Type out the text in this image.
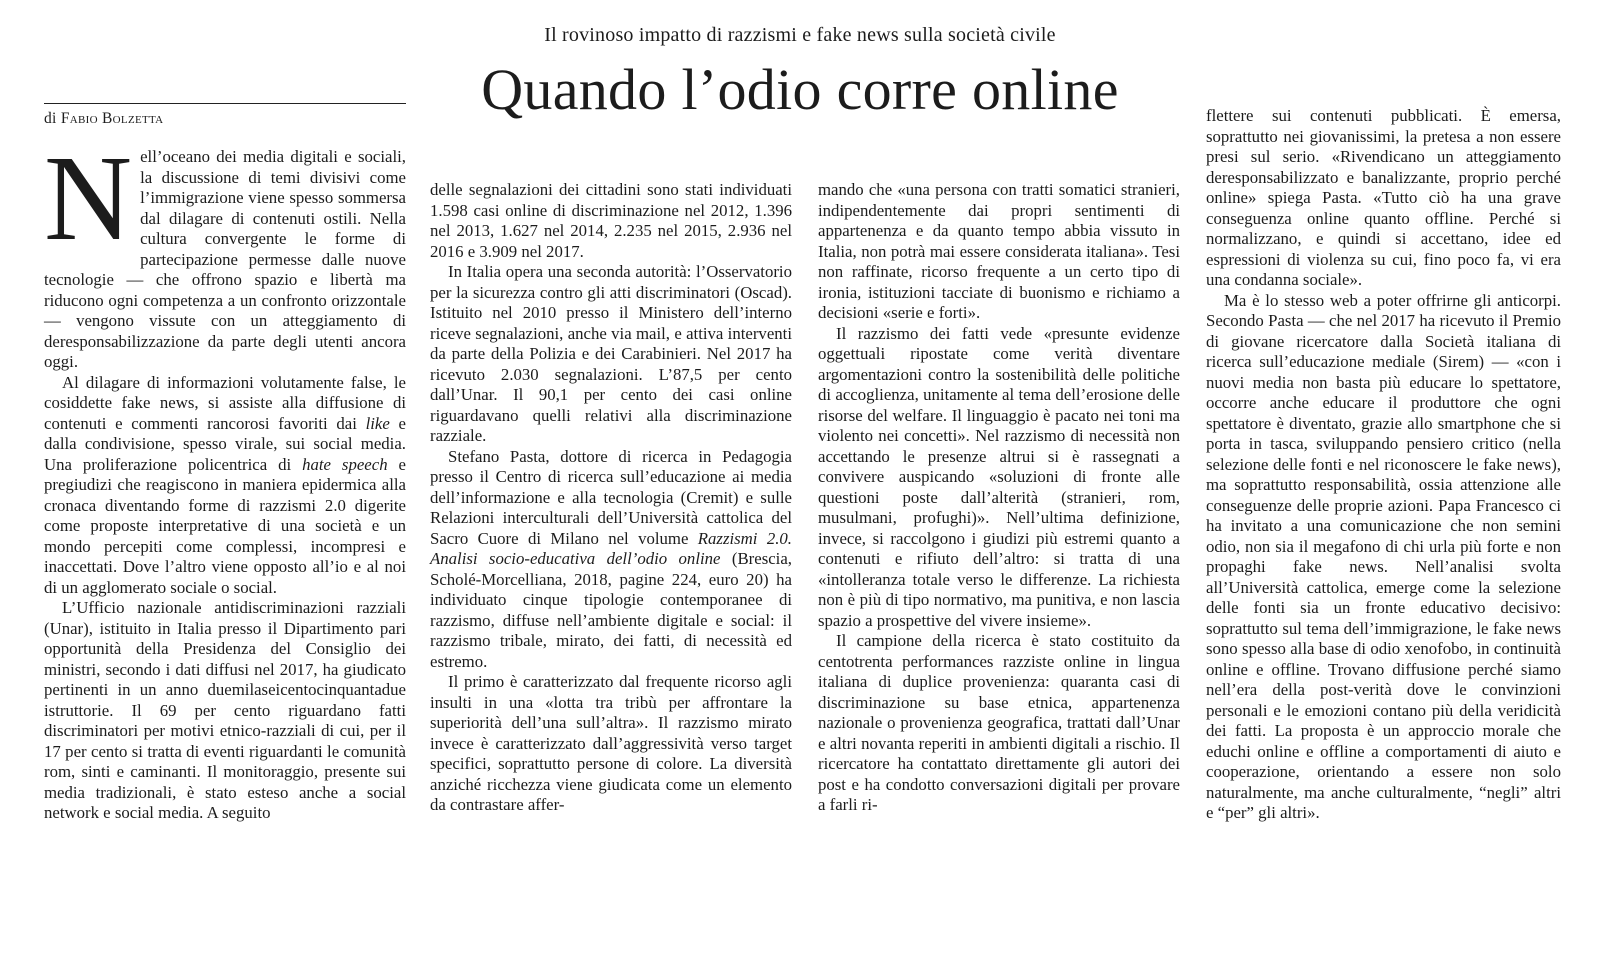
Il rovinoso impatto di razzismi e fake news sulla società civile
Quando l’odio corre online
di Fabio Bolzetta

Nell’oceano dei media digitali e sociali, la discussione di temi divisivi come l’immigrazione viene spesso sommersa dal dilagare di contenuti ostili. Nella cultura convergente le forme di partecipazione permesse dalle nuove tecnologie — che offrono spazio e libertà ma riducono ogni competenza a un confronto orizzontale — vengono vissute con un atteggiamento di deresponsabilizzazione da parte degli utenti ancora oggi.

Al dilagare di informazioni volutamente false, le cosiddette fake news, si assiste alla diffusione di contenuti e commenti rancorosi favoriti dai like e dalla condivisione, spesso virale, sui social media. Una proliferazione policentrica di hate speech e pregiudizi che reagiscono in maniera epidermica alla cronaca diventando forme di razzismi 2.0 digerite come proposte interpretative di una società e un mondo percepiti come complessi, incompresi e inaccettati. Dove l’altro viene opposto all’io e al noi di un agglomerato sociale o social.

L’Ufficio nazionale antidiscriminazioni razziali (Unar), istituito in Italia presso il Dipartimento pari opportunità della Presidenza del Consiglio dei ministri, secondo i dati diffusi nel 2017, ha giudicato pertinenti in un anno duemilaseicentocinquantadue istruttorie. Il 69 per cento riguardano fatti discriminatori per motivi etnico-razziali di cui, per il 17 per cento si tratta di eventi riguardanti le comunità rom, sinti e caminanti. Il monitoraggio, presente sui media tradizionali, è stato esteso anche a social network e social media. A seguito

delle segnalazioni dei cittadini sono stati individuati 1.598 casi online di discriminazione nel 2012, 1.396 nel 2013, 1.627 nel 2014, 2.235 nel 2015, 2.936 nel 2016 e 3.909 nel 2017.

In Italia opera una seconda autorità: l’Osservatorio per la sicurezza contro gli atti discriminatori (Oscad). Istituito nel 2010 presso il Ministero dell’interno riceve segnalazioni, anche via mail, e attiva interventi da parte della Polizia e dei Carabinieri. Nel 2017 ha ricevuto 2.030 segnalazioni. L’87,5 per cento dall’Unar. Il 90,1 per cento dei casi online riguardavano quelli relativi alla discriminazione razziale.

Stefano Pasta, dottore di ricerca in Pedagogia presso il Centro di ricerca sull’educazione ai media dell’informazione e alla tecnologia (Cremit) e sulle Relazioni interculturali dell’Università cattolica del Sacro Cuore di Milano nel volume Razzismi 2.0. Analisi socio-educativa dell’odio online (Brescia, Scholé-Morcelliana, 2018, pagine 224, euro 20) ha individuato cinque tipologie contemporanee di razzismo, diffuse nell’ambiente digitale e social: il razzismo tribale, mirato, dei fatti, di necessità ed estremo.

Il primo è caratterizzato dal frequente ricorso agli insulti in una «lotta tra tribù per affrontare la superiorità dell’una sull’altra». Il razzismo mirato invece è caratterizzato dall’aggressività verso target specifici, soprattutto persone di colore. La diversità anziché ricchezza viene giudicata come un elemento da contrastare affer-

mando che «una persona con tratti somatici stranieri, indipendentemente dai propri sentimenti di appartenenza e da quanto tempo abbia vissuto in Italia, non potrà mai essere considerata italiana». Tesi non raffinate, ricorso frequente a un certo tipo di ironia, istituzioni tacciate di buonismo e richiamo a decisioni «serie e forti».

Il razzismo dei fatti vede «presunte evidenze oggettuali ripostate come verità diventare argomentazioni contro la sostenibilità delle politiche di accoglienza, unitamente al tema dell’erosione delle risorse del welfare. Il linguaggio è pacato nei toni ma violento nei concetti». Nel razzismo di necessità non accettando le presenze altrui si è rassegnati a convivere auspicando «soluzioni di fronte alle questioni poste dall’alterità (stranieri, rom, musulmani, profughi)». Nell’ultima definizione, invece, si raccolgono i giudizi più estremi quanto a contenuti e rifiuto dell’altro: si tratta di una «intolleranza totale verso le differenze. La richiesta non è più di tipo normativo, ma punitiva, e non lascia spazio a prospettive del vivere insieme».

Il campione della ricerca è stato costituito da centotrenta performances razziste online in lingua italiana di duplice provenienza: quaranta casi di discriminazione su base etnica, appartenenza nazionale o provenienza geografica, trattati dall’Unar e altri novanta reperiti in ambienti digitali a rischio. Il ricercatore ha contattato direttamente gli autori dei post e ha condotto conversazioni digitali per provare a farli ri-

flettere sui contenuti pubblicati. È emersa, soprattutto nei giovanissimi, la pretesa a non essere presi sul serio. «Rivendicano un atteggiamento deresponsabilizzato e banalizzante, proprio perché online» spiega Pasta. «Tutto ciò ha una grave conseguenza online quanto offline. Perché si normalizzano, e quindi si accettano, idee ed espressioni di violenza su cui, fino poco fa, vi era una condanna sociale».

Ma è lo stesso web a poter offrirne gli anticorpi. Secondo Pasta — che nel 2017 ha ricevuto il Premio di giovane ricercatore dalla Società italiana di ricerca sull’educazione mediale (Sirem) — «con i nuovi media non basta più educare lo spettatore, occorre anche educare il produttore che ogni spettatore è diventato, grazie allo smartphone che si porta in tasca, sviluppando pensiero critico (nella selezione delle fonti e nel riconoscere le fake news), ma soprattutto responsabilità, ossia attenzione alle conseguenze delle proprie azioni. Papa Francesco ci ha invitato a una comunicazione che non semini odio, non sia il megafono di chi urla più forte e non propaghi fake news. Nell’analisi svolta all’Università cattolica, emerge come la selezione delle fonti sia un fronte educativo decisivo: soprattutto sul tema dell’immigrazione, le fake news sono spesso alla base di odio xenofobo, in continuità online e offline. Trovano diffusione perché siamo nell’era della post-verità dove le convinzioni personali e le emozioni contano più della veridicità dei fatti. La proposta è un approccio morale che educhi online e offline a comportamenti di aiuto e cooperazione, orientando a essere non solo naturalmente, ma anche culturalmente, “negli” altri e “per” gli altri».
